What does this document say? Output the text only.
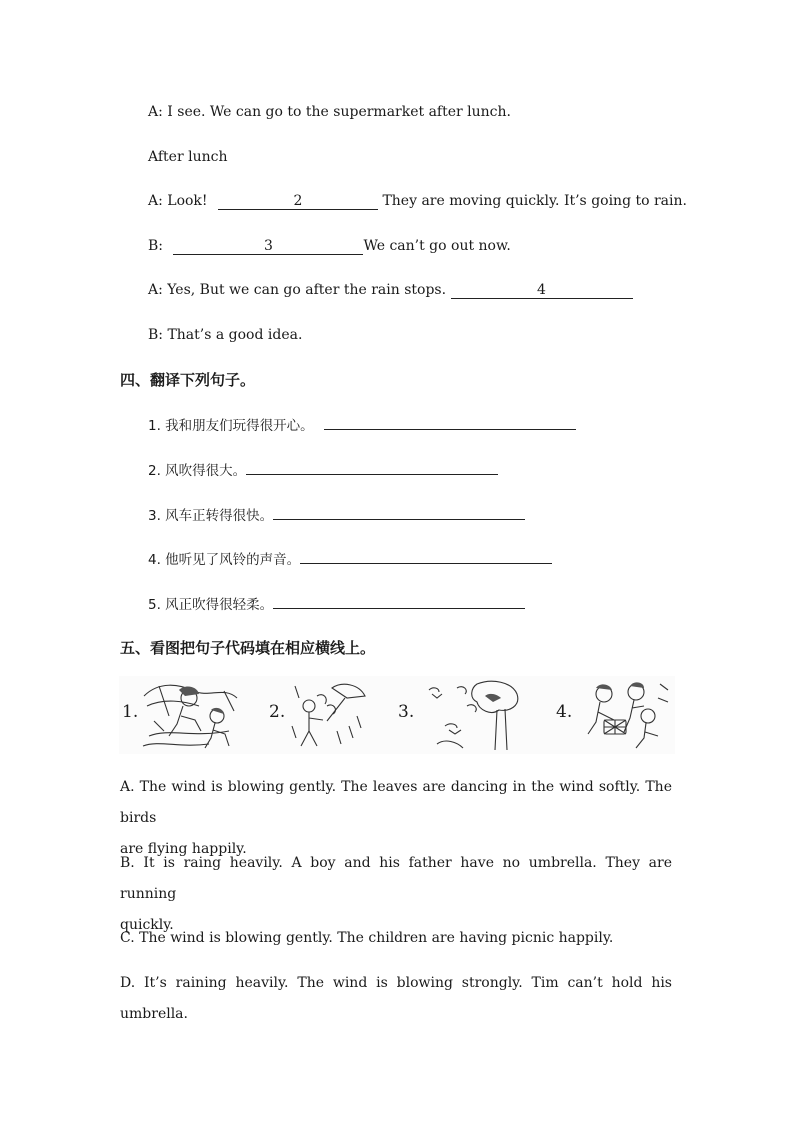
A: I see. We can go to the supermarket after lunch.
After lunch
A: Look!	2	They are moving quickly. It’s going to rain.
B:	3	We can’t go out now.
A: Yes, But we can go after the rain stops.	4
B: That’s a good idea.
四、翻译下列句子。
1. 我和朋友们玩得很开心。
2. 风吹得很大。
3. 风车正转得很快。
4. 他听见了风铃的声音。
5. 风正吹得很轻柔。
五、看图把句子代码填在相应横线上。
1.	2.	3.	4.
A. The wind is blowing gently. The leaves are dancing in the wind softly. The birds
are flying happily.
B. It is raing heavily. A boy and his father have no umbrella. They are running
quickly.
C. The wind is blowing gently. The children are having picnic happily.
D. It’s raining heavily. The wind is blowing strongly. Tim can’t hold his umbrella.
